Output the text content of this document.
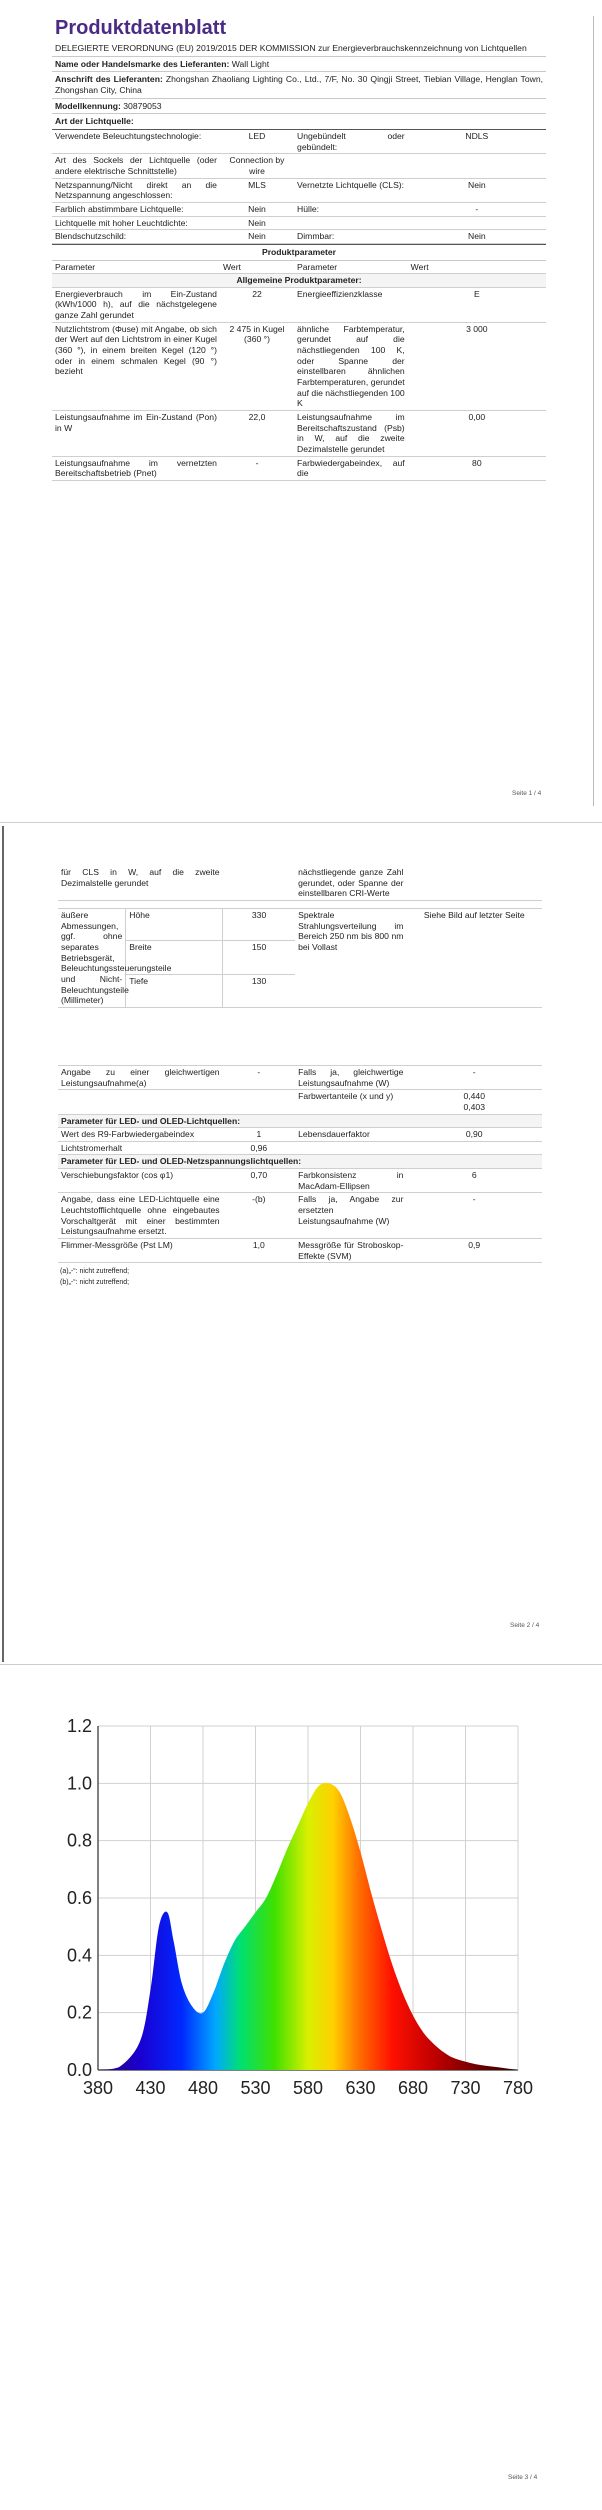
Produktdatenblatt
DELEGIERTE VERORDNUNG (EU) 2019/2015 DER KOMMISSION zur Energieverbrauchskennzeichnung von Lichtquellen
Name oder Handelsmarke des Lieferanten: Wall Light
Anschrift des Lieferanten: Zhongshan Zhaoliang Lighting Co., Ltd., 7/F, No. 30 Qingji Street, Tiebian Village, Henglan Town, Zhongshan City, China
Modellkennung: 30879053
Art der Lichtquelle:
Verwendete Beleuchtungstechnologie:	LED	Ungebündelt oder gebündelt:	NDLS
Art des Sockels der Lichtquelle (oder andere elektrische Schnittstelle)	Connection by wire		
Netzspannung/Nicht direkt an die Netzspannung angeschlossen:	MLS	Vernetzte Lichtquelle (CLS):	Nein
Farblich abstimmbare Lichtquelle:	Nein	Hülle:	-
Lichtquelle mit hoher Leuchtdichte:	Nein		
Blendschutzschild:	Nein	Dimmbar:	Nein
Produktparameter
Parameter	Wert	Parameter	Wert
Allgemeine Produktparameter:			
Energieverbrauch im Ein-Zustand (kWh/1000 h), auf die nächstgelegene ganze Zahl gerundet	22	Energieeffizienzklasse	E
Nutzlichtstrom (Φuse) mit Angabe, ob sich der Wert auf den Lichtstrom in einer Kugel (360 °), in einem breiten Kegel (120 °) oder in einem schmalen Kegel (90 °) bezieht	2 475 in Kugel (360 °)	ähnliche Farbtemperatur, gerundet auf die nächstliegenden 100 K, oder Spanne der einstellbaren ähnlichen Farbtemperaturen, gerundet auf die nächstliegenden 100 K	3 000
Leistungsaufnahme im Ein-Zustand (Pon) in W	22,0	Leistungsaufnahme im Bereitschaftszustand (Psb) in W, auf die zweite Dezimalstelle gerundet	0,00
Leistungsaufnahme im vernetzten Bereitschaftsbetrieb (Pnet)	-	Farbwiedergabeindex, auf die	80
Seite 1 / 4
für CLS in W, auf die zweite Dezimalstelle gerundet		nächstliegende ganze Zahl gerundet, oder Spanne der einstellbaren CRI-Werte	

äußere Abmessungen, ggf. ohne separates Betriebsgerät, Beleuchtungssteuerungsteile und Nicht-Beleuchtungsteile (Millimeter)	Höhe	330	Spektrale Strahlungsverteilung im Bereich 250 nm bis 800 nm bei Vollast	Siehe Bild auf letzter Seite
	Breite	150		
	Tiefe	130		

Angabe zu einer gleichwertigen Leistungsaufnahme(a)	-	Falls ja, gleichwertige Leistungsaufnahme (W)	-
		Farbwertanteile (x und y)	0,440
0,403
Parameter für LED- und OLED-Lichtquellen:			
Wert des R9-Farbwiedergabeindex	1	Lebensdauerfaktor	0,90
Lichtstromerhalt	0,96		
Parameter für LED- und OLED-Netzspannungslichtquellen:			
Verschiebungsfaktor (cos φ1)	0,70	Farbkonsistenz in MacAdam-Ellipsen	6
Angabe, dass eine LED-Lichtquelle eine Leuchtstofflichtquelle ohne eingebautes Vorschaltgerät mit einer bestimmten Leistungsaufnahme ersetzt.	-(b)	Falls ja, Angabe zur ersetzten Leistungsaufnahme (W)	-
Flimmer-Messgröße (Pst LM)	1,0	Messgröße für Stroboskop-Effekte (SVM)	0,9
(a)„-“: nicht zutreffend;
(b)„-“: nicht zutreffend;
Seite 2 / 4
0.0
0.2
0.4
0.6
0.8
1.0
1.2
380 430 480 530 580 630 680 730 780
Seite 3 / 4
